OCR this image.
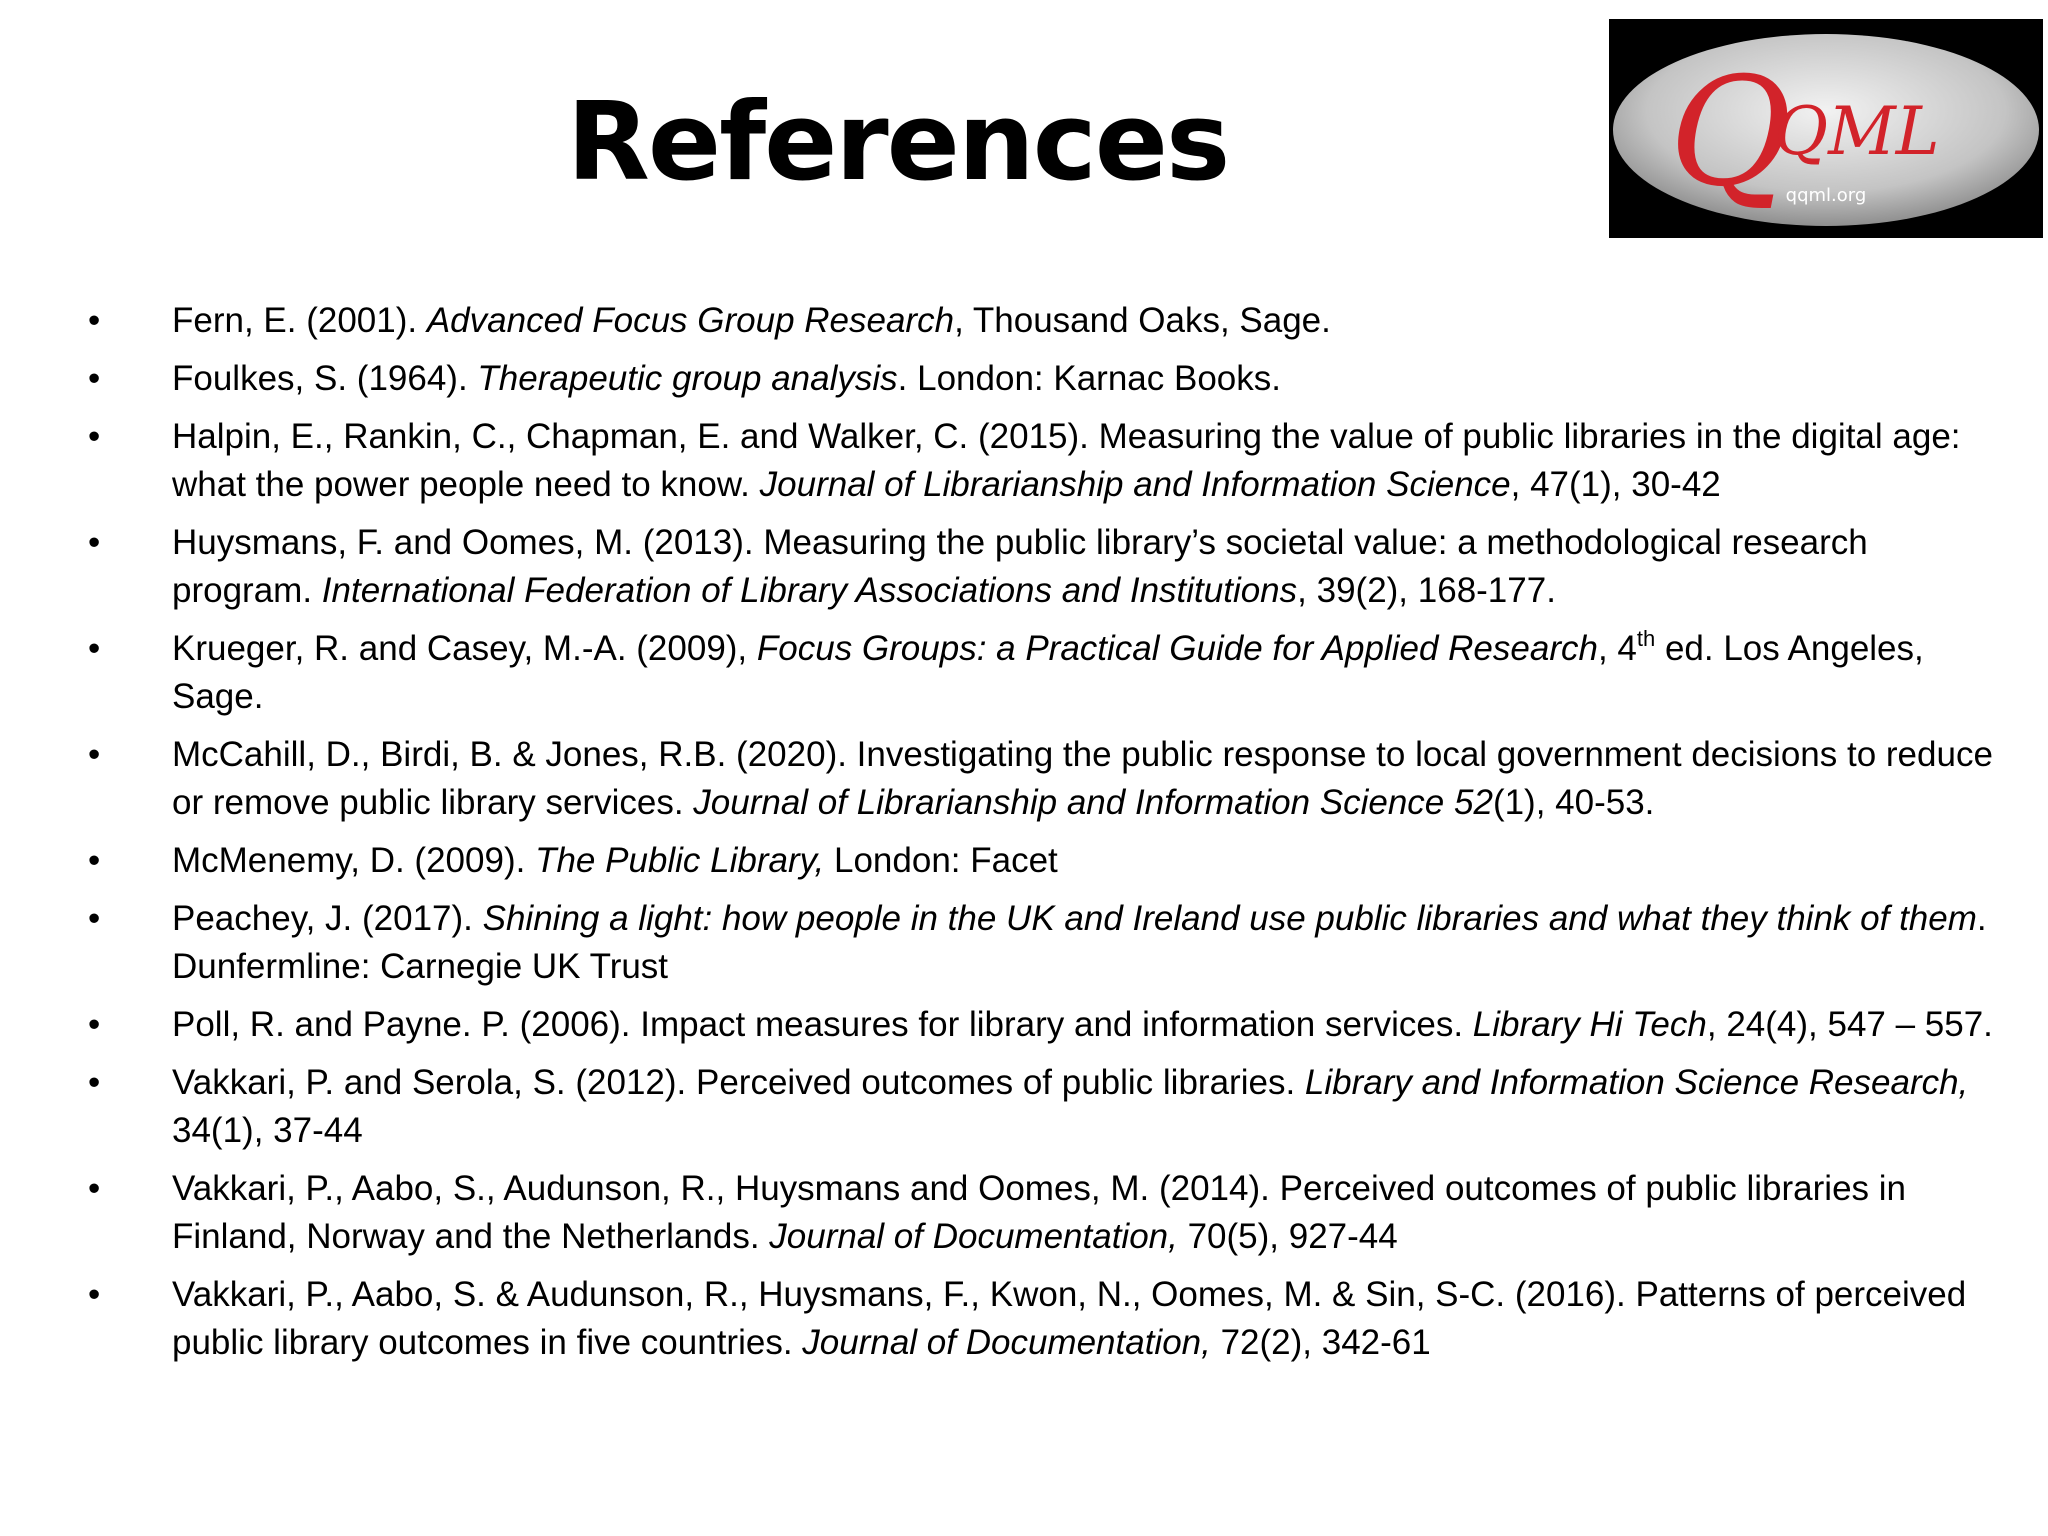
References	Q
QML
qqml.org
•	Fern, E. (2001). Advanced Focus Group Research, Thousand Oaks, Sage.
•	Foulkes, S. (1964). Therapeutic group analysis. London: Karnac Books.
•	Halpin, E., Rankin, C., Chapman, E. and Walker, C. (2015). Measuring the value of public libraries in the digital age: what the power people need to know. Journal of Librarianship and Information Science, 47(1), 30-42
•	Huysmans, F. and Oomes, M. (2013). Measuring the public library’s societal value: a methodological research program. International Federation of Library Associations and Institutions, 39(2), 168-177.
•	Krueger, R. and Casey, M.-A. (2009), Focus Groups: a Practical Guide for Applied Research, 4th ed. Los Angeles, Sage.
•	McCahill, D., Birdi, B. & Jones, R.B. (2020). Investigating the public response to local government decisions to reduce or remove public library services. Journal of Librarianship and Information Science 52(1), 40-53.
•	McMenemy, D. (2009). The Public Library, London: Facet
•	Peachey, J. (2017). Shining a light: how people in the UK and Ireland use public libraries and what they think of them. Dunfermline: Carnegie UK Trust
•	Poll, R. and Payne. P. (2006). Impact measures for library and information services. Library Hi Tech, 24(4), 547 – 557.
•	Vakkari, P. and Serola, S. (2012). Perceived outcomes of public libraries. Library and Information Science Research, 34(1), 37-44
•	Vakkari, P., Aabo, S., Audunson, R., Huysmans and Oomes, M. (2014). Perceived outcomes of public libraries in Finland, Norway and the Netherlands. Journal of Documentation, 70(5), 927-44
•	Vakkari, P., Aabo, S. & Audunson, R., Huysmans, F., Kwon, N., Oomes, M. & Sin, S-C. (2016). Patterns of perceived public library outcomes in five countries. Journal of Documentation, 72(2), 342-61
